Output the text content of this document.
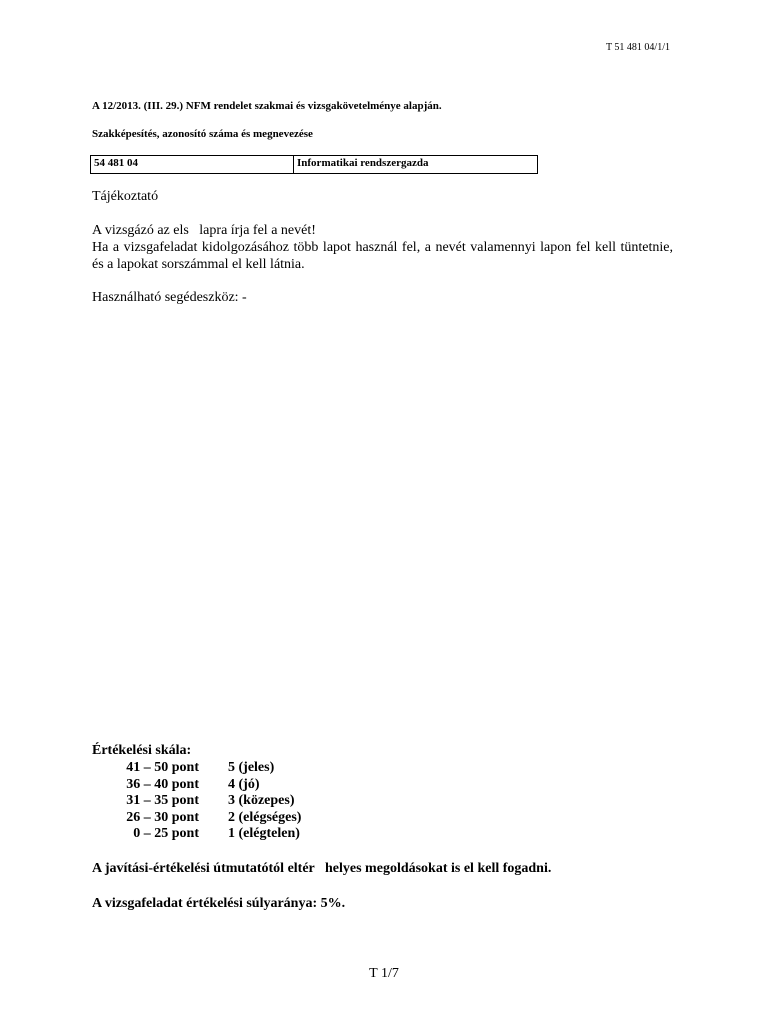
T 51 481 04/1/1
A 12/2013. (III. 29.) NFM rendelet szakmai és vizsgakövetelménye alapján.
Szakképesítés, azonosító száma és megnevezése
54 481 04	Informatikai rendszergazda
Tájékoztató

A vizsgázó az els   lapra írja fel a nevét!

Ha a vizsgafeladat kidolgozásához több lapot használ fel, a nevét valamennyi lapon fel kell tüntetnie, és a lapokat sorszámmal el kell látnia.

Használható segédeszköz: -
Értékelési skála:
41 – 50 pont	5 (jeles)
36 – 40 pont	4 (jó)
31 – 35 pont	3 (közepes)
26 – 30 pont	2 (elégséges)
0 – 25 pont	1 (elégtelen)
A javítási-értékelési útmutatótól eltér   helyes megoldásokat is el kell fogadni.
A vizsgafeladat értékelési súlyaránya: 5%.
T 1/7
